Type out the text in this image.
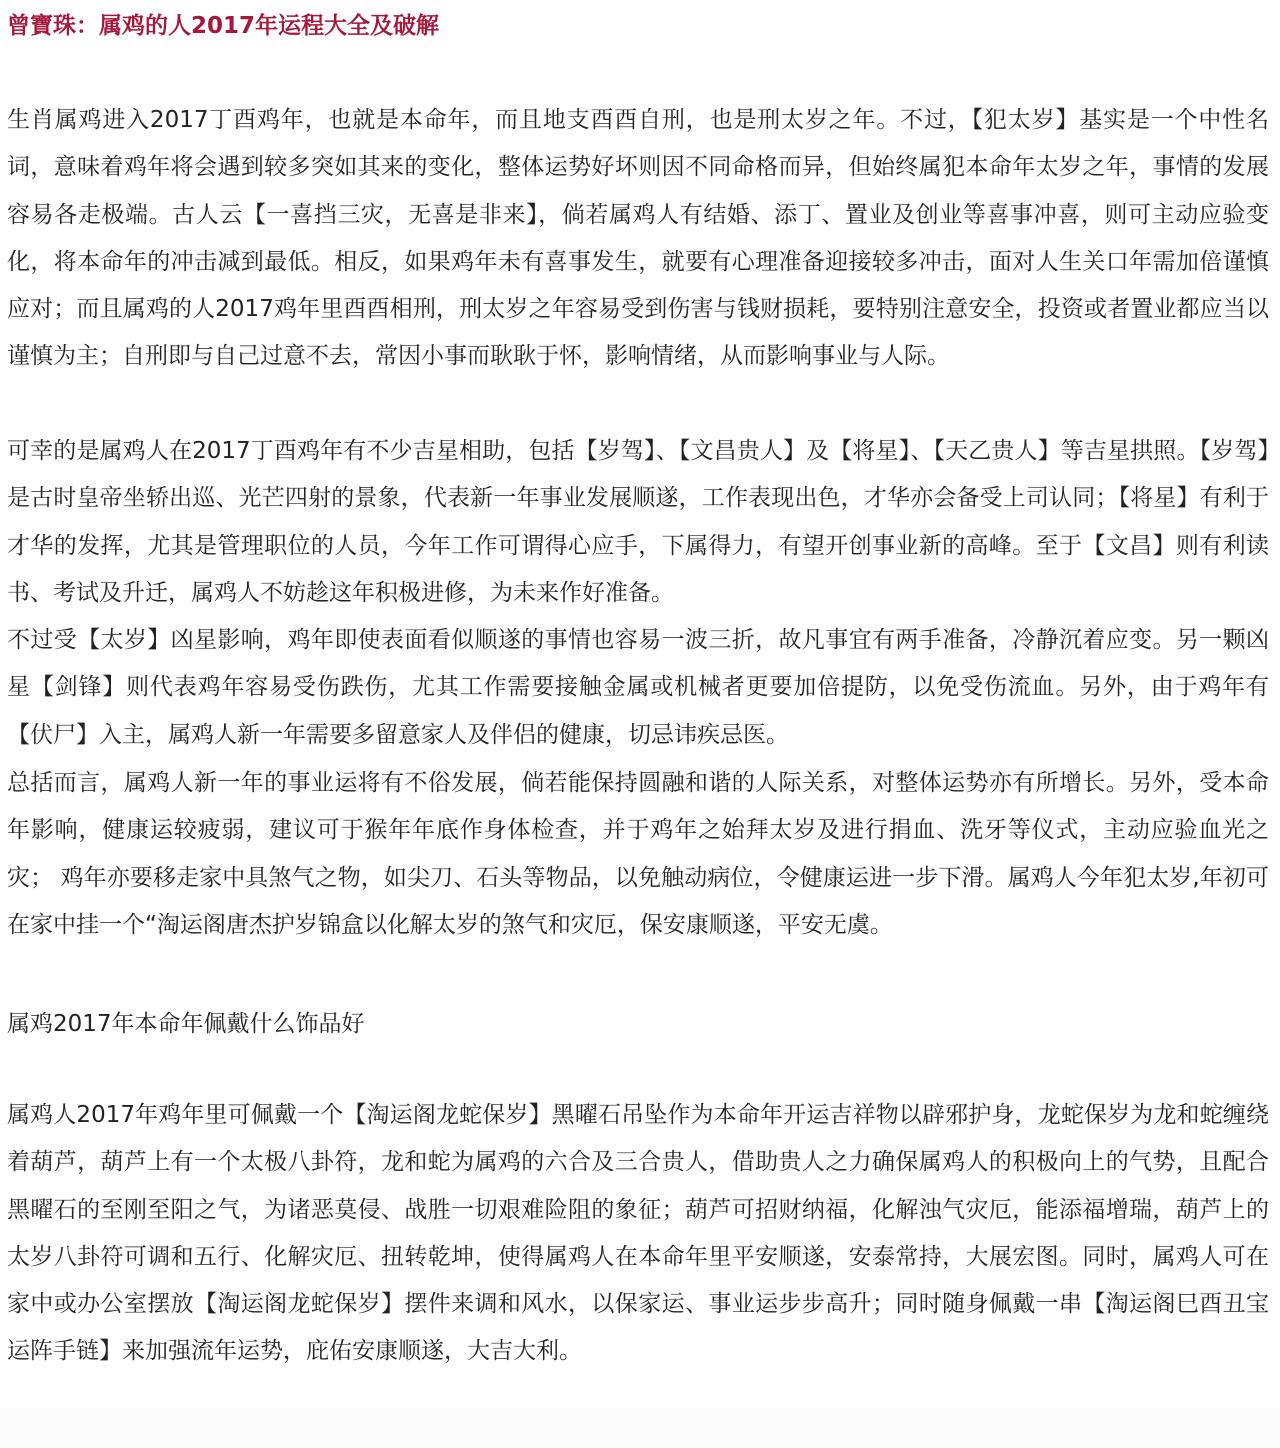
曾寶珠：属鸡的人2017年运程大全及破解

生肖属鸡进入2017丁酉鸡年，也就是本命年，而且地支酉酉自刑，也是刑太岁之年。不过，【犯太岁】基实是一个中性名词，意味着鸡年将会遇到较多突如其来的变化，整体运势好坏则因不同命格而异，但始终属犯本命年太岁之年，事情的发展容易各走极端。古人云【一喜挡三灾，无喜是非来】，倘若属鸡人有结婚、添丁、置业及创业等喜事冲喜，则可主动应验变化，将本命年的冲击减到最低。相反，如果鸡年未有喜事发生，就要有心理准备迎接较多冲击，面对人生关口年需加倍谨慎应对；而且属鸡的人2017鸡年里酉酉相刑，刑太岁之年容易受到伤害与钱财损耗，要特别注意安全，投资或者置业都应当以谨慎为主；自刑即与自己过意不去，常因小事而耿耿于怀，影响情绪，从而影响事业与人际。

可幸的是属鸡人在2017丁酉鸡年有不少吉星相助，包括【岁驾】、【文昌贵人】及【将星】、【天乙贵人】等吉星拱照。【岁驾】是古时皇帝坐轿出巡、光芒四射的景象，代表新一年事业发展顺遂，工作表现出色，才华亦会备受上司认同；【将星】有利于才华的发挥，尤其是管理职位的人员，今年工作可谓得心应手，下属得力，有望开创事业新的高峰。至于【文昌】则有利读书、考试及升迁，属鸡人不妨趁这年积极进修，为未来作好准备。

不过受【太岁】凶星影响，鸡年即使表面看似顺遂的事情也容易一波三折，故凡事宜有两手准备，冷静沉着应变。另一颗凶星【剑锋】则代表鸡年容易受伤跌伤，尤其工作需要接触金属或机械者更要加倍提防，以免受伤流血。另外，由于鸡年有【伏尸】入主，属鸡人新一年需要多留意家人及伴侣的健康，切忌讳疾忌医。

总括而言，属鸡人新一年的事业运将有不俗发展，倘若能保持圆融和谐的人际关系，对整体运势亦有所增长。另外，受本命年影响，健康运较疲弱，建议可于猴年年底作身体检查，并于鸡年之始拜太岁及进行捐血、洗牙等仪式，主动应验血光之灾； 鸡年亦要移走家中具煞气之物，如尖刀、石头等物品，以免触动病位，令健康运进一步下滑。属鸡人今年犯太岁,年初可在家中挂一个“淘运阁唐杰护岁锦盒以化解太岁的煞气和灾厄，保安康顺遂，平安无虞。

属鸡2017年本命年佩戴什么饰品好

属鸡人2017年鸡年里可佩戴一个【淘运阁龙蛇保岁】黑曜石吊坠作为本命年开运吉祥物以辟邪护身，龙蛇保岁为龙和蛇缠绕着葫芦，葫芦上有一个太极八卦符，龙和蛇为属鸡的六合及三合贵人，借助贵人之力确保属鸡人的积极向上的气势，且配合黑曜石的至刚至阳之气，为诸恶莫侵、战胜一切艰难险阻的象征；葫芦可招财纳福，化解浊气灾厄，能添福增瑞，葫芦上的太岁八卦符可调和五行、化解灾厄、扭转乾坤，使得属鸡人在本命年里平安顺遂，安泰常持，大展宏图。同时，属鸡人可在家中或办公室摆放【淘运阁龙蛇保岁】摆件来调和风水，以保家运、事业运步步高升；同时随身佩戴一串【淘运阁巳酉丑宝运阵手链】来加强流年运势，庇佑安康顺遂，大吉大利。
